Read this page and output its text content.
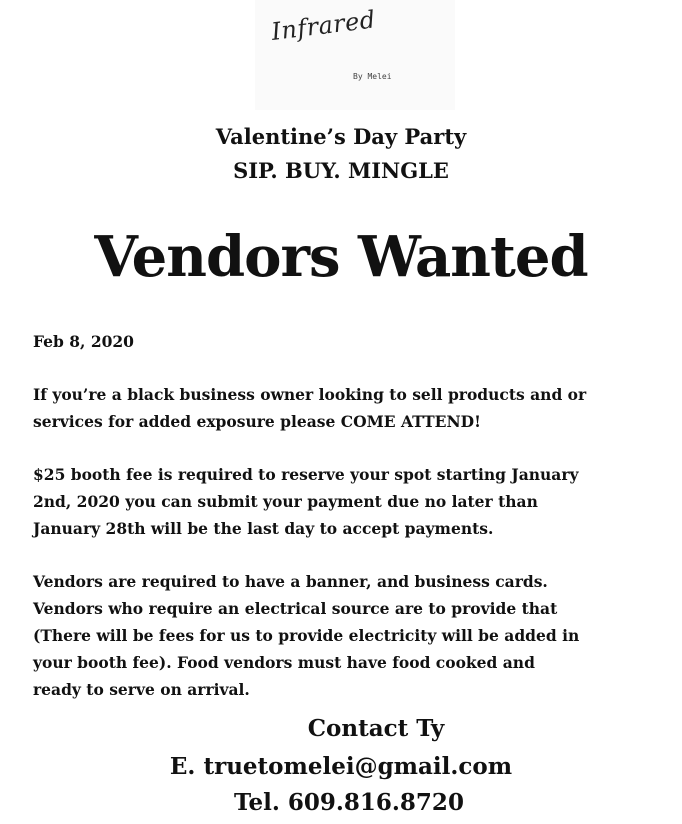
Infrared
By Melei
Valentine’s Day Party
SIP. BUY. MINGLE
Vendors Wanted
Feb 8, 2020
If you’re a black business owner looking to sell products and or
services for added exposure please COME ATTEND!
$25 booth fee is required to reserve your spot starting January
2nd, 2020 you can submit your payment due no later than
January 28th will be the last day to accept payments.
Vendors are required to have a banner, and business cards.
Vendors who require an electrical source are to provide that
(There will be fees for us to provide electricity will be added in
your booth fee). Food vendors must have food cooked and
ready to serve on arrival.
Contact Ty
E. truetomelei@gmail.com
Tel. 609.816.8720
